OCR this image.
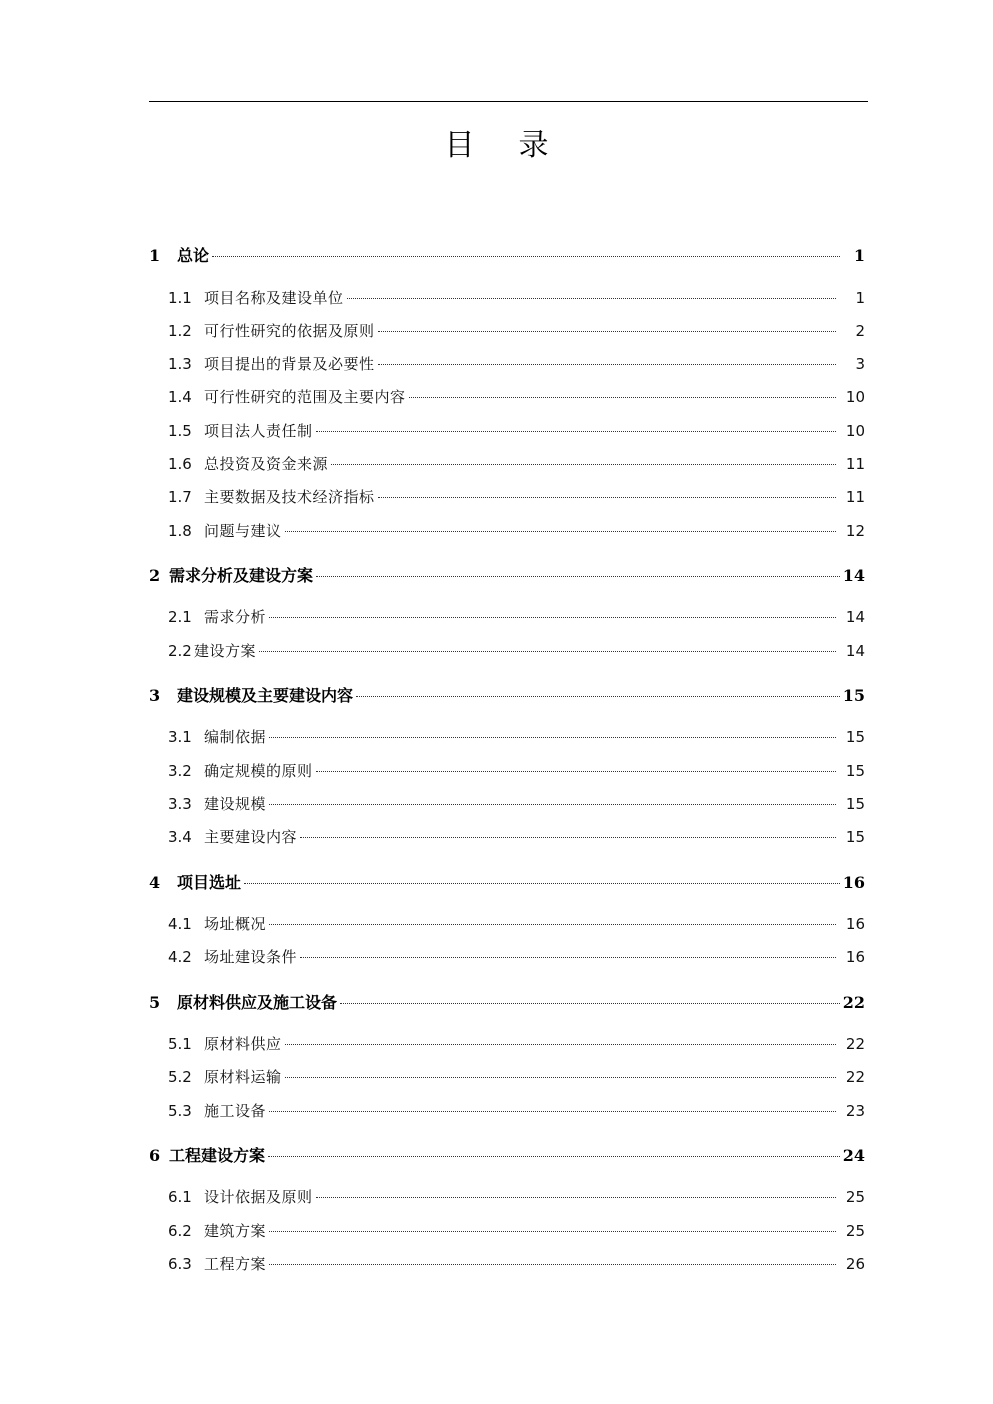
目 录
1	总论	1
1.1 项目名称及建设单位	1
1.2 可行性研究的依据及原则	2
1.3 项目提出的背景及必要性	3
1.4 可行性研究的范围及主要内容	10
1.5 项目法人责任制	10
1.6 总投资及资金来源	11
1.7 主要数据及技术经济指标	11
1.8 问题与建议	12
2 需求分析及建设方案	14
2.1 需求分析	14
2.2 建设方案	14
3	建设规模及主要建设内容	15
3.1 编制依据	15
3.2 确定规模的原则	15
3.3 建设规模	15
3.4 主要建设内容	15
4	项目选址	16
4.1 场址概况	16
4.2 场址建设条件	16
5	原材料供应及施工设备	22
5.1 原材料供应	22
5.2 原材料运输	22
5.3 施工设备	23
6 工程建设方案	24
6.1 设计依据及原则	25
6.2 建筑方案	25
6.3 工程方案	26
